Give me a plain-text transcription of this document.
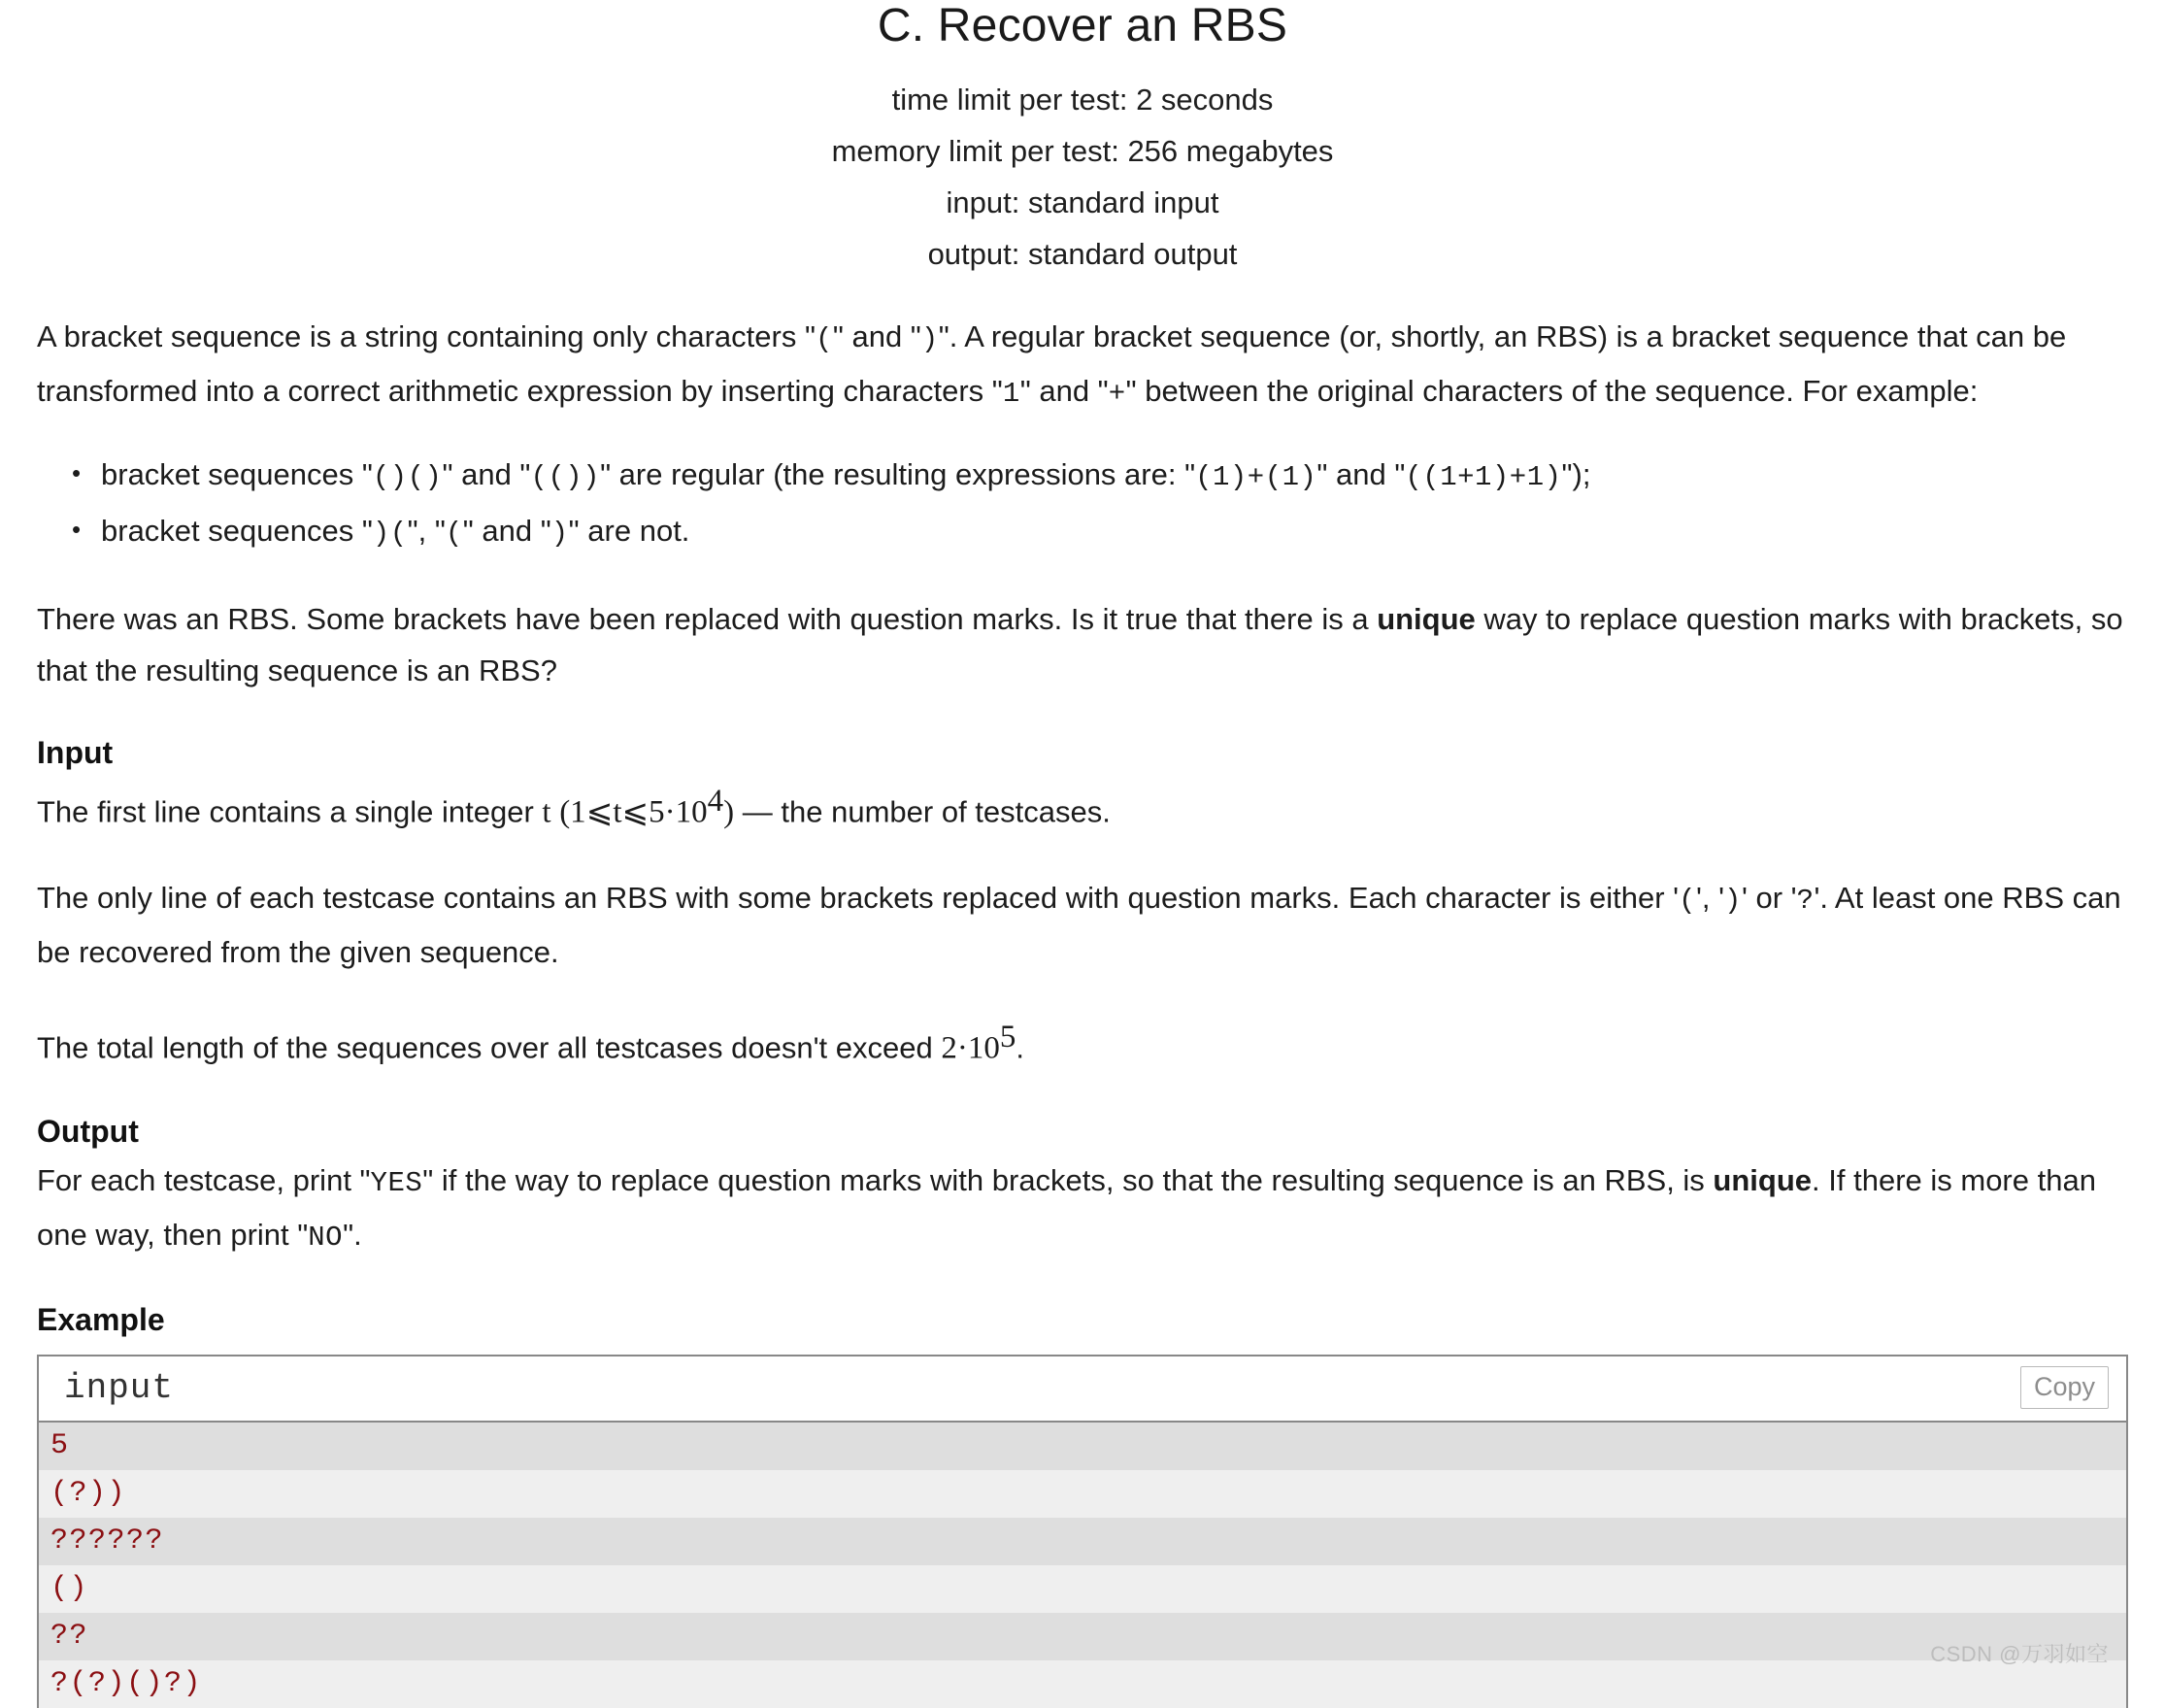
C. Recover an RBS
time limit per test: 2 seconds
memory limit per test: 256 megabytes
input: standard input
output: standard output

A bracket sequence is a string containing only characters "(" and ")". A regular bracket sequence (or, shortly, an RBS) is a bracket sequence that can be transformed into a correct arithmetic expression by inserting characters "1" and "+" between the original characters of the sequence. For example:

• bracket sequences "()()" and "(())" are regular (the resulting expressions are: "(1)+(1)" and "((1+1)+1)");
• bracket sequences ")(", "(" and ")" are not.

There was an RBS. Some brackets have been replaced with question marks. Is it true that there is a unique way to replace question marks with brackets, so that the resulting sequence is an RBS?

Input

The first line contains a single integer t $(1⩽t⩽5\cdot 10^4)$ — the number of testcases.

The only line of each testcase contains an RBS with some brackets replaced with question marks. Each character is either '(', ')' or '?'. At least one RBS can be recovered from the given sequence.

The total length of the sequences over all testcases doesn't exceed $2\cdot 10^5$.

Output

For each testcase, print "YES" if the way to replace question marks with brackets, so that the resulting sequence is an RBS, is unique. If there is more than one way, then print "NO".

Example
input	Copy
5
(?))
??????
()
??
?(?)()?)
CSDN @万羽如空
